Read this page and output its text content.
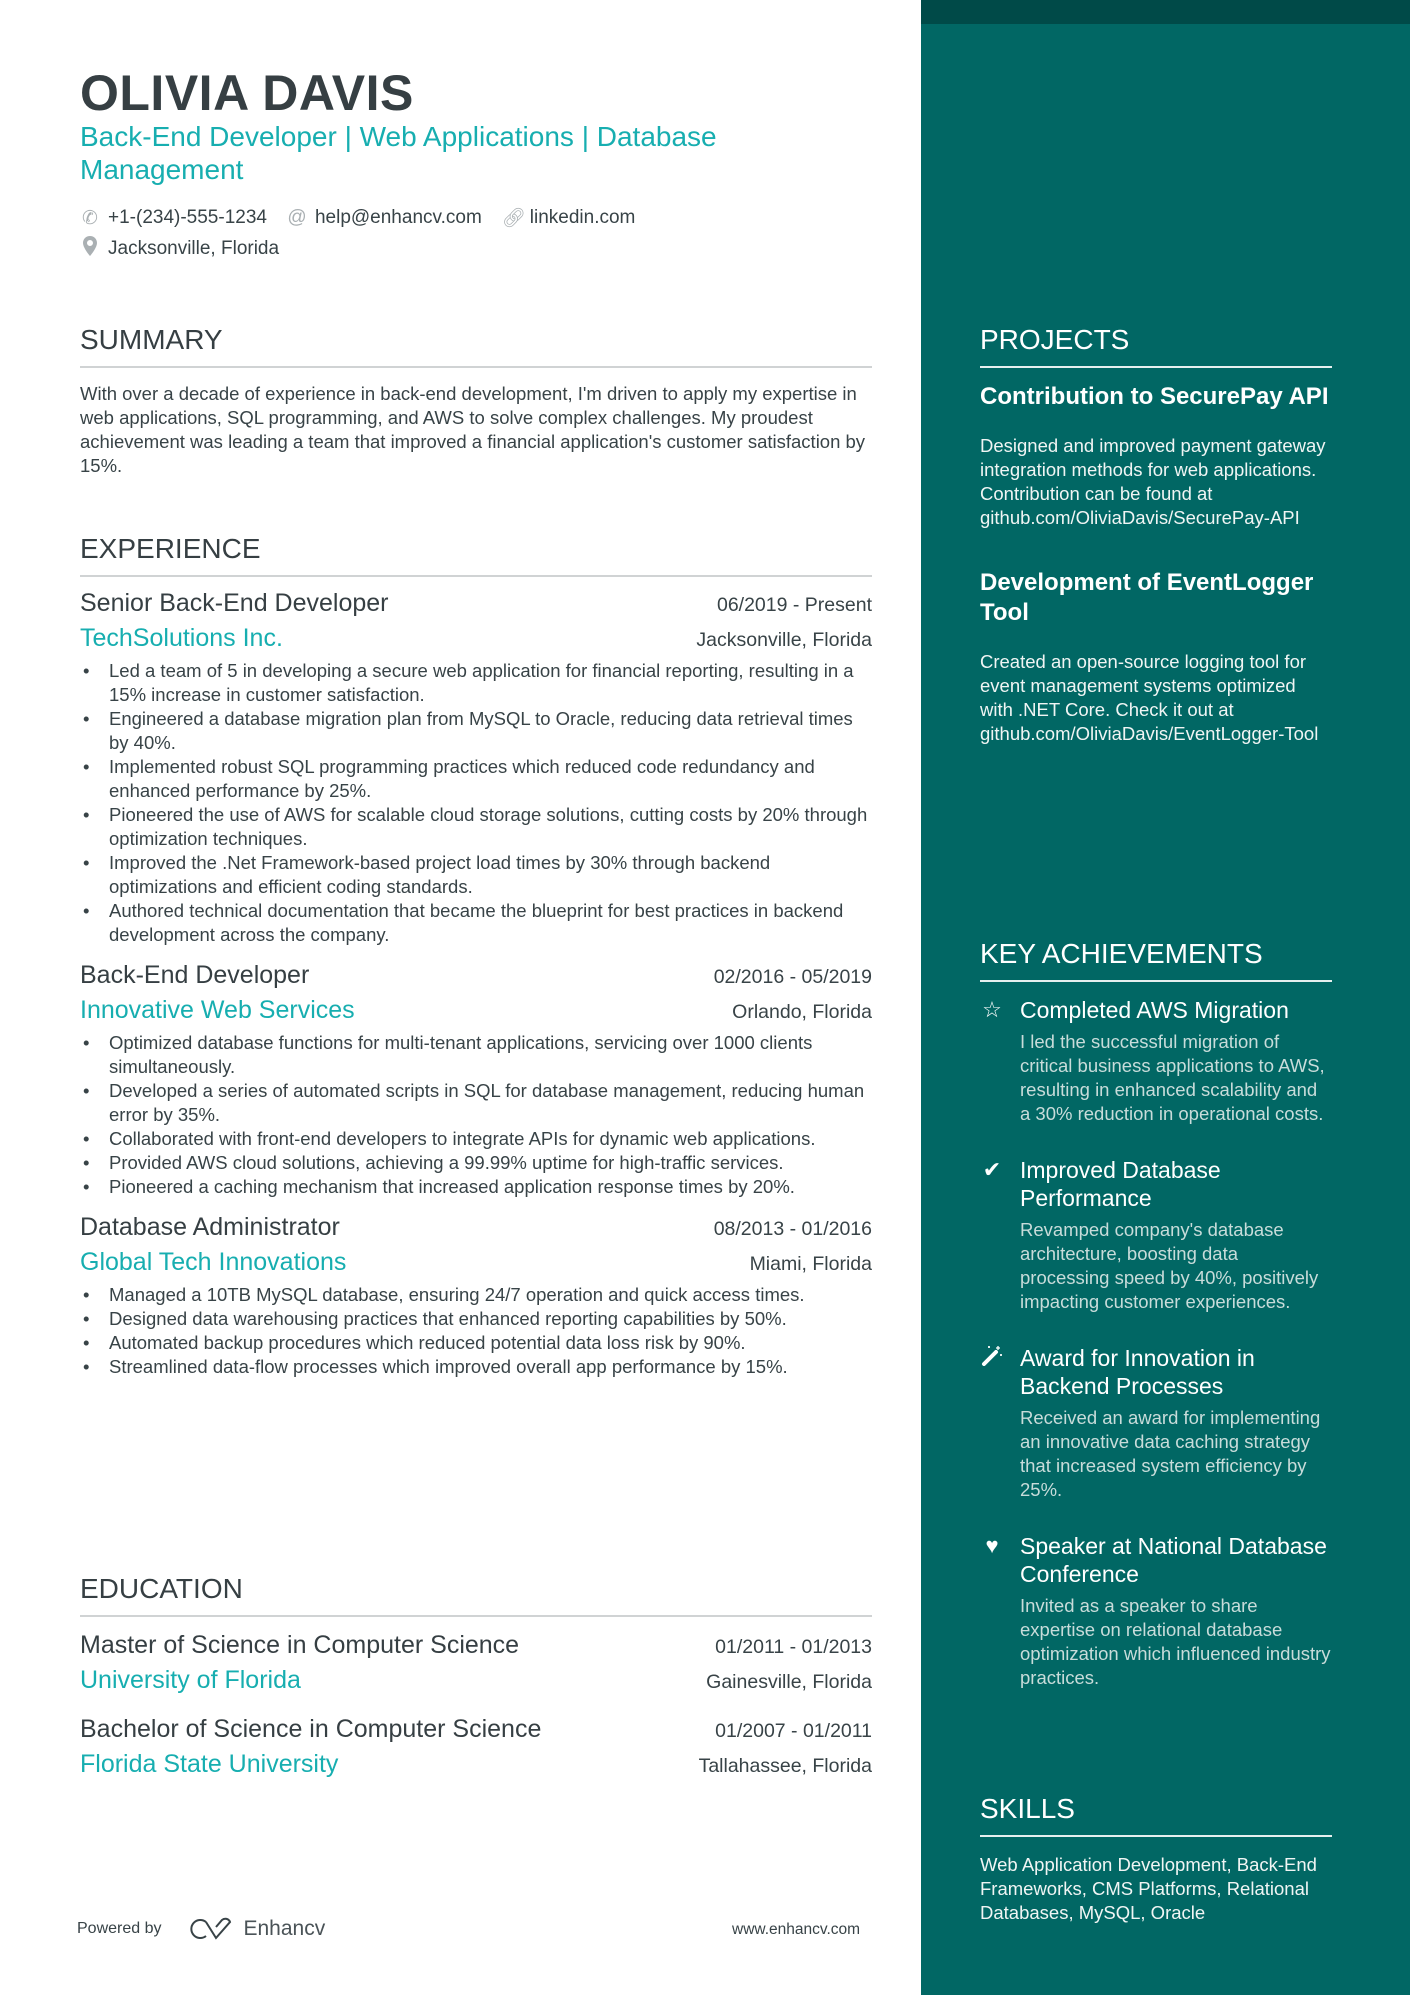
OLIVIA DAVIS
Back-End Developer | Web Applications | Database Management
✆ +1-(234)-555-1234 @ help@enhancv.com 🔗︎ linkedin.com
Jacksonville, Florida
SUMMARY
With over a decade of experience in back-end development, I'm driven to apply my expertise in web applications, SQL programming, and AWS to solve complex challenges. My proudest achievement was leading a team that improved a financial application's customer satisfaction by 15%.
EXPERIENCE
Senior Back-End Developer	06/2019 - Present
TechSolutions Inc.	Jacksonville, Florida
• Led a team of 5 in developing a secure web application for financial reporting, resulting in a 15% increase in customer satisfaction.
• Engineered a database migration plan from MySQL to Oracle, reducing data retrieval times by 40%.
• Implemented robust SQL programming practices which reduced code redundancy and enhanced performance by 25%.
• Pioneered the use of AWS for scalable cloud storage solutions, cutting costs by 20% through optimization techniques.
• Improved the .Net Framework-based project load times by 30% through backend optimizations and efficient coding standards.
• Authored technical documentation that became the blueprint for best practices in backend development across the company.
Back-End Developer	02/2016 - 05/2019
Innovative Web Services	Orlando, Florida
• Optimized database functions for multi-tenant applications, servicing over 1000 clients simultaneously.
• Developed a series of automated scripts in SQL for database management, reducing human error by 35%.
• Collaborated with front-end developers to integrate APIs for dynamic web applications.
• Provided AWS cloud solutions, achieving a 99.99% uptime for high-traffic services.
• Pioneered a caching mechanism that increased application response times by 20%.
Database Administrator	08/2013 - 01/2016
Global Tech Innovations	Miami, Florida
• Managed a 10TB MySQL database, ensuring 24/7 operation and quick access times.
• Designed data warehousing practices that enhanced reporting capabilities by 50%.
• Automated backup procedures which reduced potential data loss risk by 90%.
• Streamlined data-flow processes which improved overall app performance by 15%.
EDUCATION
Master of Science in Computer Science	01/2011 - 01/2013
University of Florida	Gainesville, Florida
Bachelor of Science in Computer Science	01/2007 - 01/2011
Florida State University	Tallahassee, Florida
PROJECTS
Contribution to SecurePay API
Designed and improved payment gateway integration methods for web applications. Contribution can be found at github.com/OliviaDavis/SecurePay-API
Development of EventLogger Tool
Created an open-source logging tool for event management systems optimized with .NET Core. Check it out at github.com/OliviaDavis/EventLogger-Tool
KEY ACHIEVEMENTS
☆ Completed AWS Migration
I led the successful migration of critical business applications to AWS, resulting in enhanced scalability and a 30% reduction in operational costs.
✔ Improved Database Performance
Revamped company's database architecture, boosting data processing speed by 40%, positively impacting customer experiences.
Award for Innovation in Backend Processes
Received an award for implementing an innovative data caching strategy that increased system efficiency by 25%.
♥ Speaker at National Database Conference
Invited as a speaker to share expertise on relational database optimization which influenced industry practices.
SKILLS
Web Application Development, Back-End Frameworks, CMS Platforms, Relational Databases, MySQL, Oracle
Powered by	Enhancv	www.enhancv.com
